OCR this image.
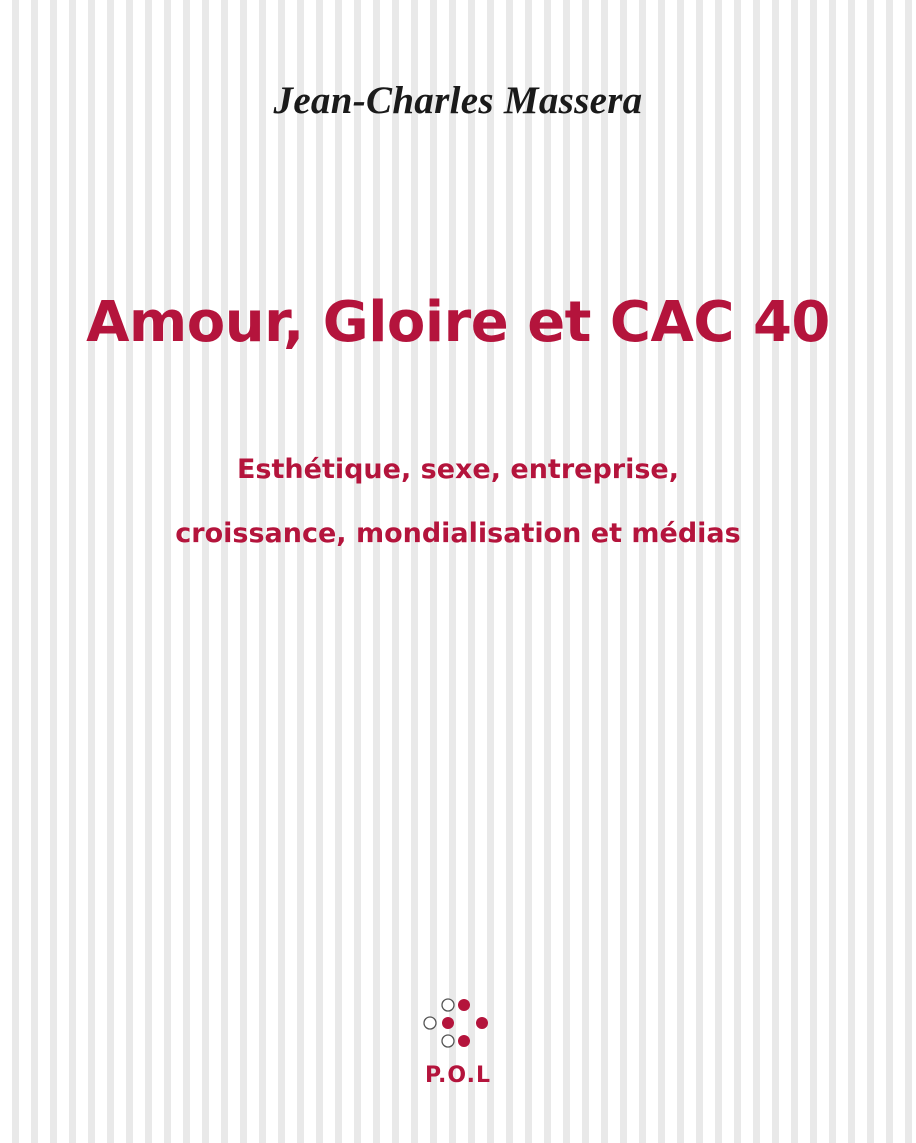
Jean-Charles Massera
Amour, Gloire et CAC 40

Esthétique, sexe, entreprise,

croissance, mondialisation et médias

P.O.L
